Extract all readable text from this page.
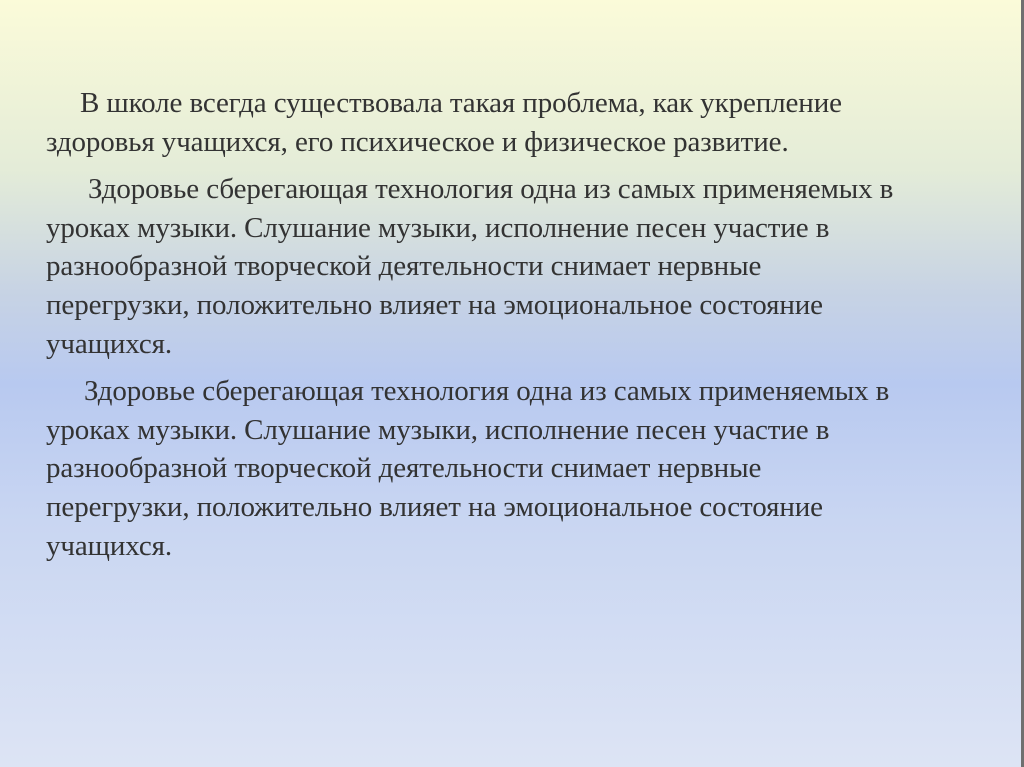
В школе всегда существовала такая проблема, как укрепление
здоровья учащихся, его психическое и физическое развитие.

Здоровье сберегающая технология одна из самых применяемых в
уроках музыки. Слушание музыки, исполнение песен участие в
разнообразной творческой деятельности снимает нервные
перегрузки, положительно влияет на эмоциональное состояние
учащихся.

Здоровье сберегающая технология одна из самых применяемых в
уроках музыки. Слушание музыки, исполнение песен участие в
разнообразной творческой деятельности снимает нервные
перегрузки, положительно влияет на эмоциональное состояние
учащихся.
